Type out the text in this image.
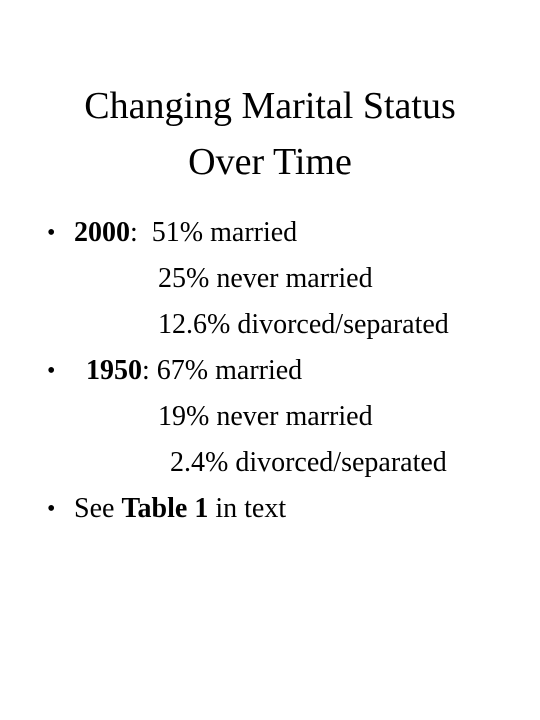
Changing Marital Status
Over Time
• 2000:  51% married
25% never married
12.6% divorced/separated
• 1950: 67% married
19% never married
2.4% divorced/separated
• See Table 1 in text
